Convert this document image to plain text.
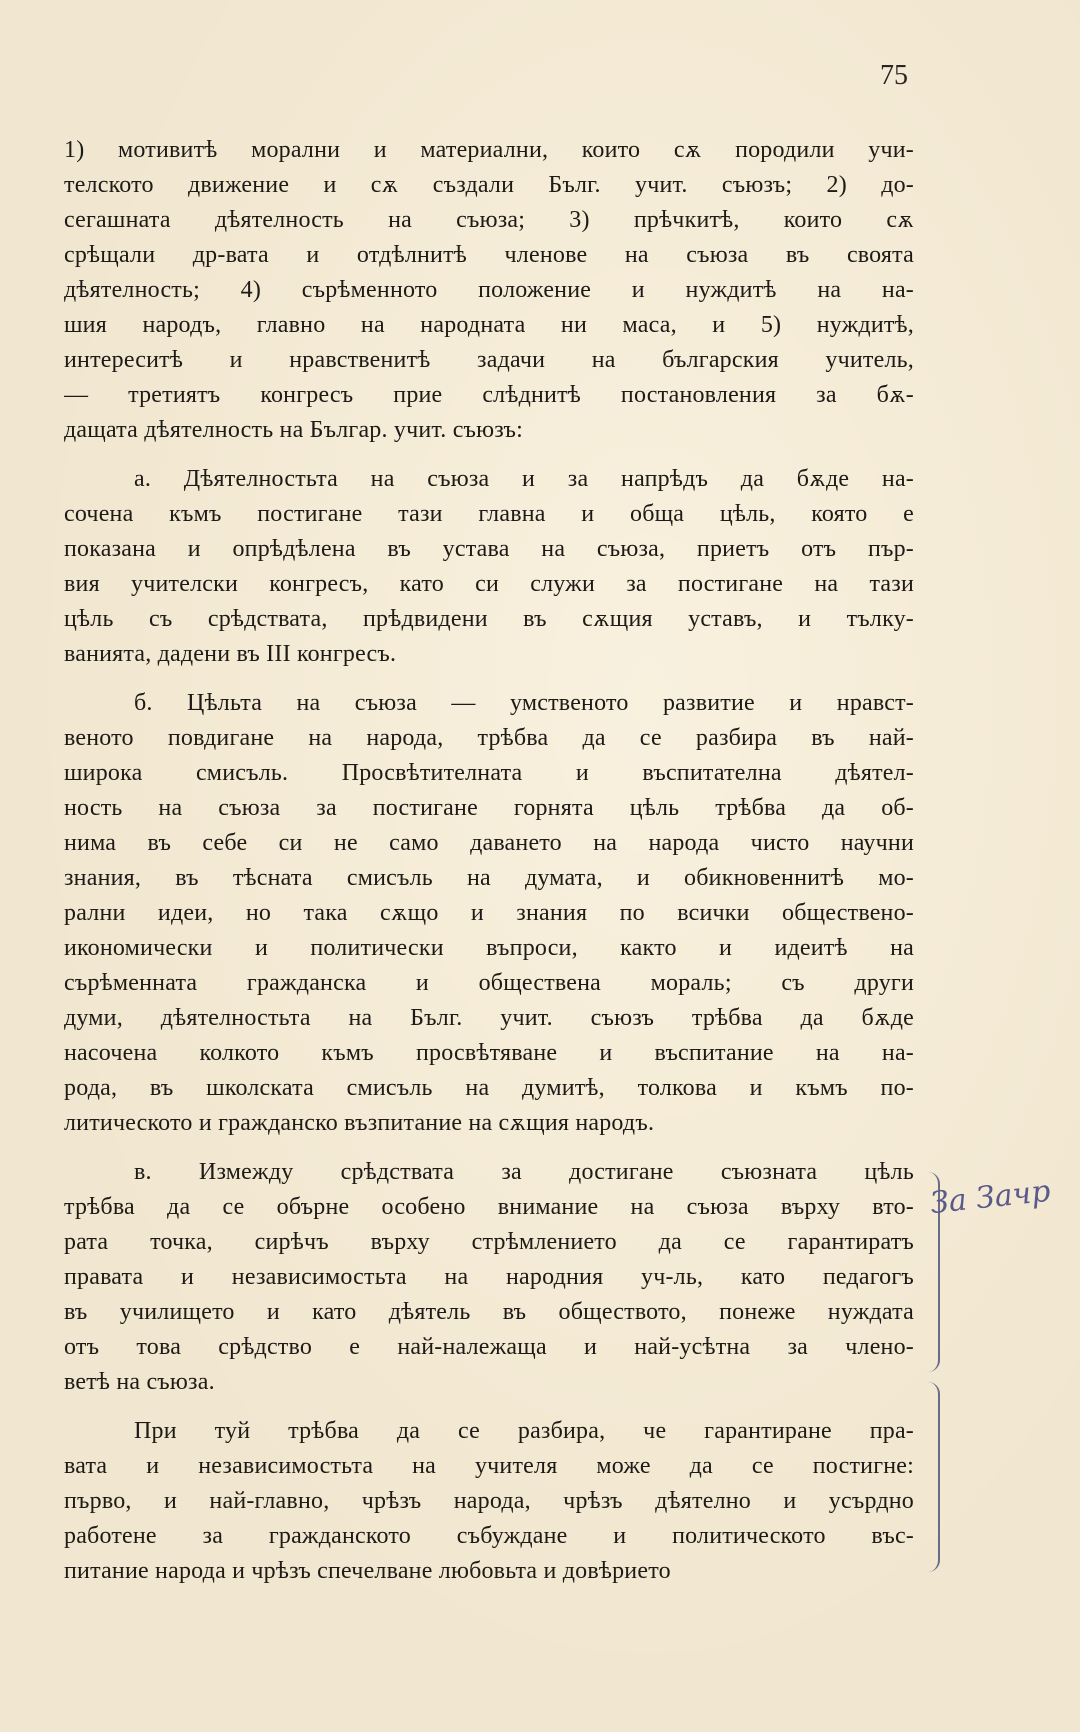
75
1) мотивитѣ морални и материални, които сѫ породили учи-
телското движение и сѫ създали Бълг. учит. съюзъ; 2) до-
сегашната дѣятелность на съюза; 3) прѣчкитѣ, които сѫ
срѣщали др-вата и отдѣлнитѣ членове на съюза въ своята
дѣятелность; 4) сърѣменното положение и нуждитѣ на на-
шия народъ, главно на народната ни маса, и 5) нуждитѣ,
интереситѣ и нравственитѣ задачи на българския учитель,
— третиятъ конгресъ прие слѣднитѣ постановления за бѫ-
дащата дѣятелность на Българ. учит. съюзъ:
а. Дѣятелностьта на съюза и за напрѣдъ да бѫде на-
сочена къмъ постигане тази главна и обща цѣль, която е
показана и опрѣдѣлена въ устава на съюза, приетъ отъ пър-
вия учителски конгресъ, като си служи за постигане на тази
цѣль съ срѣдствата, прѣдвидени въ сѫщия уставъ, и тълку-
ванията, дадени въ III конгресъ.
б. Цѣльта на съюза — умственото развитие и нравст-
веното повдигане на народа, трѣбва да се разбира въ най-
широка смисъль. Просвѣтителната и въспитателна дѣятел-
ность на съюза за постигане горнята цѣль трѣбва да об-
нима въ себе си не само даването на народа чисто научни
знания, въ тѣсната смисъль на думата, и обикновеннитѣ мо-
рални идеи, но така сѫщо и знания по всички обществено-
икономически и политически въпроси, както и идеитѣ на
сърѣменната гражданска и обществена мораль; съ други
думи, дѣятелностьта на Бълг. учит. съюзъ трѣбва да бѫде
насочена колкото къмъ просвѣтяване и въспитание на на-
рода, въ школската смисъль на думитѣ, толкова и къмъ по-
литическото и гражданско възпитание на сѫщия народъ.
в. Измежду срѣдствата за достигане съюзната цѣль
трѣбва да се обърне особено внимание на съюза върху вто-
рата точка, сирѣчъ върху стрѣмлението да се гарантиратъ
правата и независимостьта на народния уч-ль, като педагогъ
въ училището и като дѣятель въ обществото, понеже нуждата
отъ това срѣдство е най-належаща и най-усѣтна за члено-
ветѣ на съюза.
При туй трѣбва да се разбира, че гарантиране пра-
вата и независимостьта на учителя може да се постигне:
първо, и най-главно, чрѣзъ народа, чрѣзъ дѣятелно и усърдно
работене за гражданското събуждане и политическото въс-
питание народа и чрѣзъ спечелване любовьта и довѣрието
За Зачр
